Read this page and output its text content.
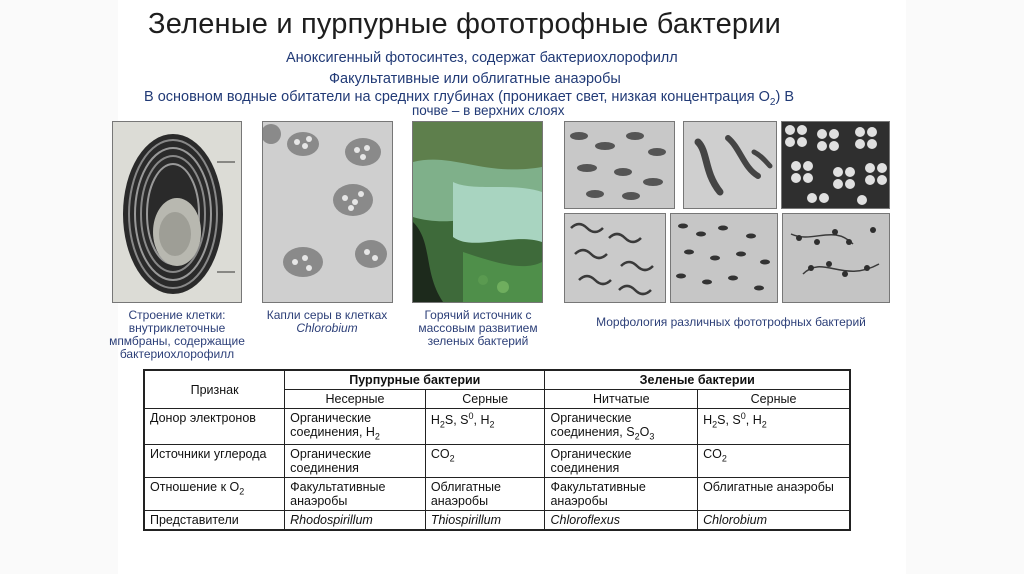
Зеленые и пурпурные фототрофные бактерии
Аноксигенный фотосинтез, содержат бактериохлорофилл
Факультативные или облигатные анаэробы
В основном водные обитатели на средних глубинах (проникает свет, низкая концентрация $O_2$) В
почве – в верхних слоях
Строение клетки: внутриклеточные мпмбраны, содержащие бактериохлорофилл
Капли серы в клетках Chlorobium
Горячий источник с массовым развитием зеленых бактерий
Морфология различных фототрофных бактерий
Признак	Пурпурные бактерии		Зеленые бактерии	
	Несерные	Серные	Нитчатые	Серные
Донор электронов	Органические соединения, $H_2$	$H_2S$, $S^0$, $H_2$	Органические соединения, $S_2O_3$	$H_2S$, $S^0$, $H_2$
Источники углерода	Органические соединения	$CO_2$	Органические соединения	$CO_2$
Отношение к $O_2$	Факультативные анаэробы	Облигатные анаэробы	Факультативные анаэробы	Облигатные анаэробы
Представители	Rhodospirillum	Thiospirillum	Chloroflexus	Chlorobium
